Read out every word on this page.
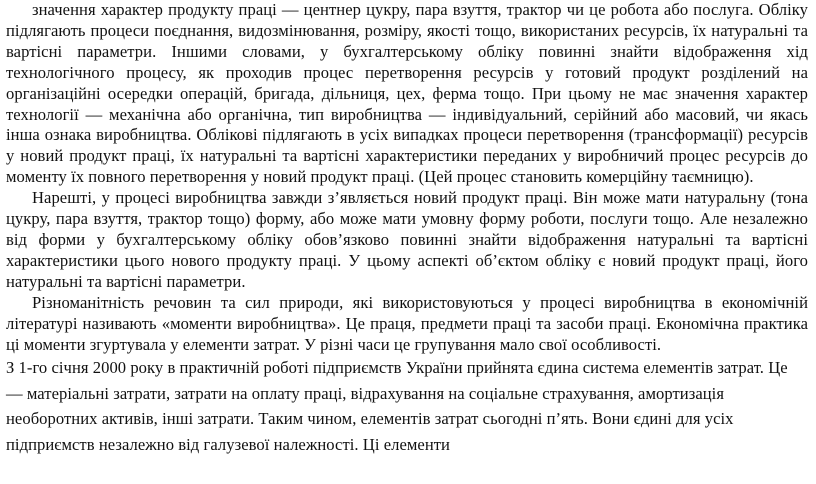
значення характер продукту праці — центнер цукру, пара взуття, трактор чи це робота або послуга. Обліку підлягають процеси поєднання, видозмінювання, розміру, якості тощо, використаних ресурсів, їх натуральні та вартісні параметри. Іншими словами, у бухгалтерському обліку повинні знайти відображення хід технологічного процесу, як проходив процес перетворення ресурсів у готовий продукт розділений на організаційні осередки операцій, бригада, дільниця, цех, ферма тощо. При цьому не має значення характер технології — механічна або органічна, тип виробництва — індивідуальний, серійний або масовий, чи якась інша ознака виробництва. Облікові підлягають в усіх випадках процеси перетворення (трансформації) ресурсів у новий продукт праці, їх натуральні та вартісні характеристики переданих у виробничий процес ресурсів до моменту їх повного перетворення у новий продукт праці. (Цей процес становить комерційну таємницю).

Нарешті, у процесі виробництва завжди з’являється новий продукт праці. Він може мати натуральну (тона цукру, пара взуття, трактор тощо) форму, або може мати умовну форму роботи, послуги тощо. Але незалежно від форми у бухгалтерському обліку обов’язково повинні знайти відображення натуральні та вартісні характеристики цього нового продукту праці. У цьому аспекті об’єктом обліку є новий продукт праці, його натуральні та вартісні параметри.

Різноманітність речовин та сил природи, які використовуються у процесі виробництва в економічній літературі називають «моменти виробництва». Це праця, предмети праці та засоби праці. Економічна практика ці моменти згуртувала у елементи затрат. У різні часи це групування мало свої особливості.

З 1-го січня 2000 року в практичній роботі підприємств України прийнята єдина система елементів затрат. Це — матеріальні затрати, затрати на оплату праці, відрахування на соціальне страхування, амортизація необоротних активів, інші затрати. Таким чином, елементів затрат сьогодні п’ять. Вони єдині для усіх підприємств незалежно від галузевої належності. Ці елементи
